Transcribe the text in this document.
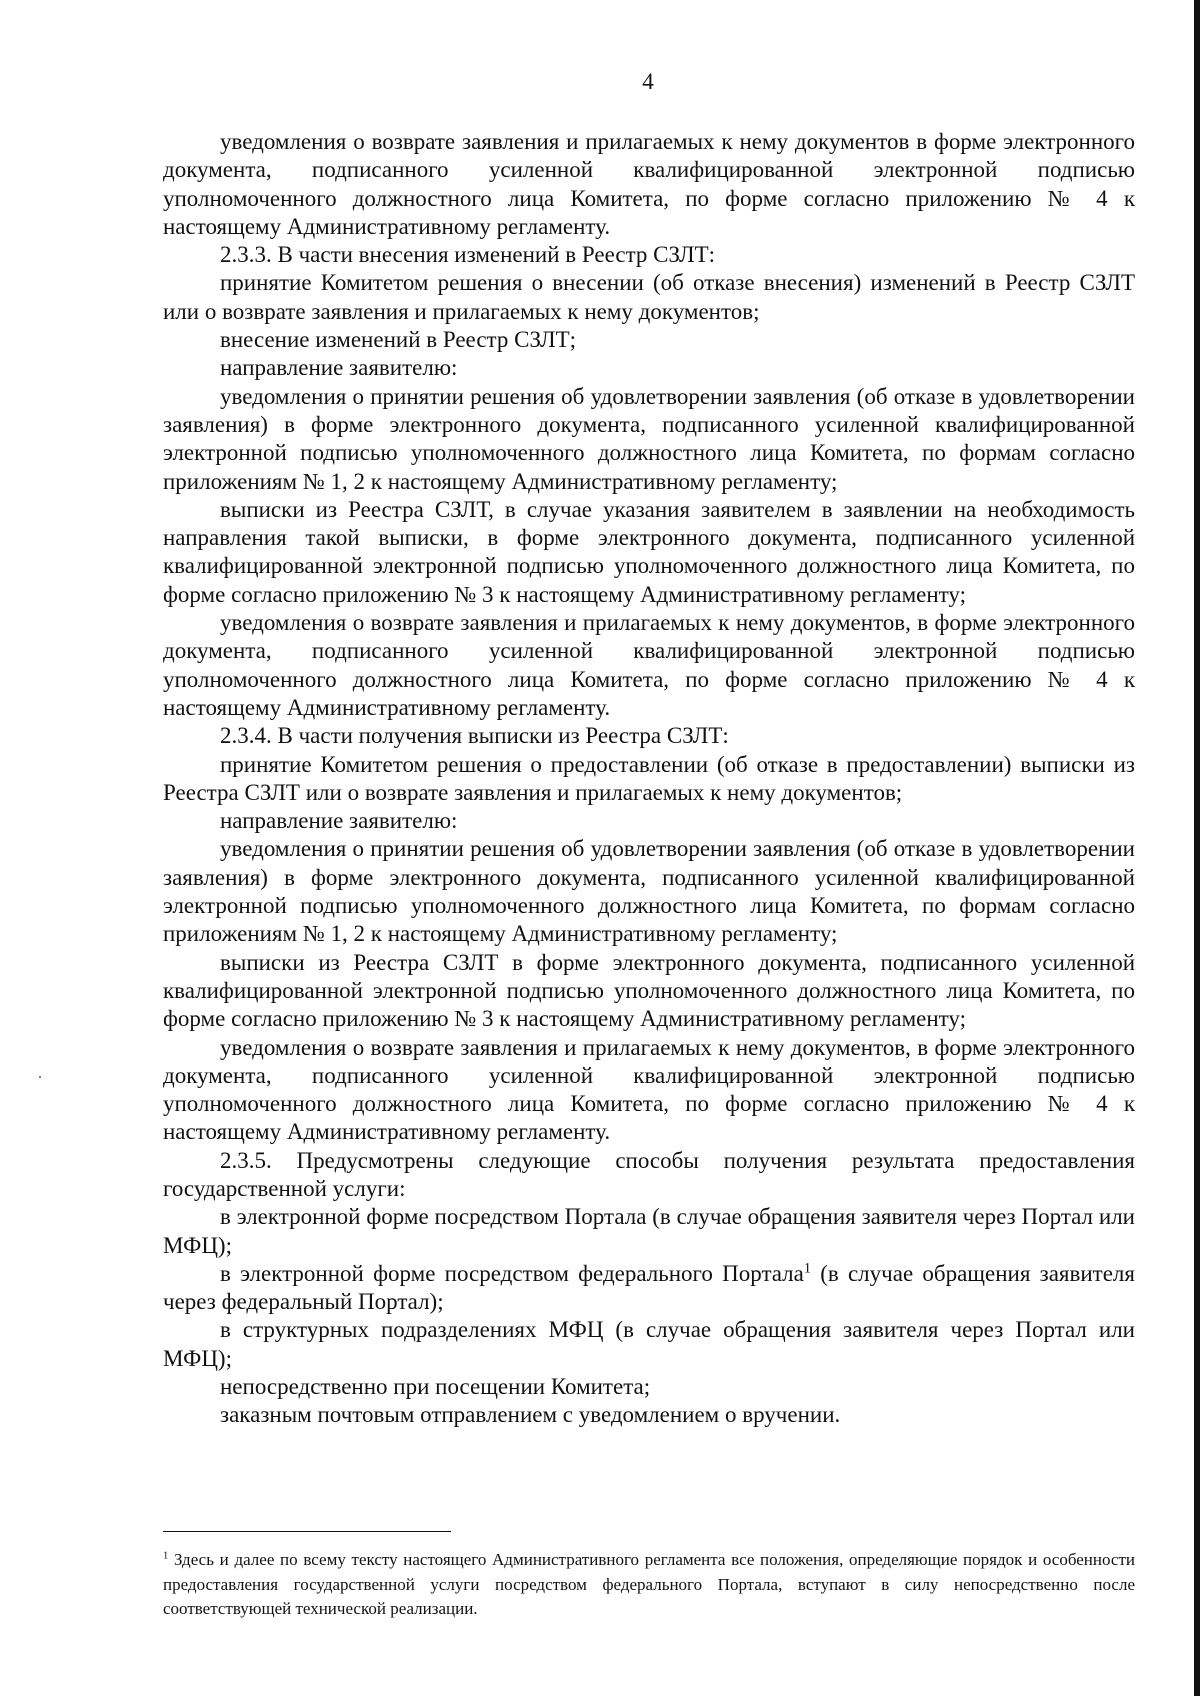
4

уведомления о возврате заявления и прилагаемых к нему документов в форме электронного документа, подписанного усиленной квалифицированной электронной подписью уполномоченного должностного лица Комитета, по форме согласно приложению № 4 к настоящему Административному регламенту.

2.3.3. В части внесения изменений в Реестр СЗЛТ:

принятие Комитетом решения о внесении (об отказе внесения) изменений в Реестр СЗЛТ или о возврате заявления и прилагаемых к нему документов;

внесение изменений в Реестр СЗЛТ;

направление заявителю:

уведомления о принятии решения об удовлетворении заявления (об отказе в удовлетворении заявления) в форме электронного документа, подписанного усиленной квалифицированной электронной подписью уполномоченного должностного лица Комитета, по формам согласно приложениям № 1, 2 к настоящему Административному регламенту;

выписки из Реестра СЗЛТ, в случае указания заявителем в заявлении на необходимость направления такой выписки, в форме электронного документа, подписанного усиленной квалифицированной электронной подписью уполномоченного должностного лица Комитета, по форме согласно приложению № 3 к настоящему Административному регламенту;

уведомления о возврате заявления и прилагаемых к нему документов, в форме электронного документа, подписанного усиленной квалифицированной электронной подписью уполномоченного должностного лица Комитета, по форме согласно приложению № 4 к настоящему Административному регламенту.

2.3.4. В части получения выписки из Реестра СЗЛТ:

принятие Комитетом решения о предоставлении (об отказе в предоставлении) выписки из Реестра СЗЛТ или о возврате заявления и прилагаемых к нему документов;

направление заявителю:

уведомления о принятии решения об удовлетворении заявления (об отказе в удовлетворении заявления) в форме электронного документа, подписанного усиленной квалифицированной электронной подписью уполномоченного должностного лица Комитета, по формам согласно приложениям № 1, 2 к настоящему Административному регламенту;

выписки из Реестра СЗЛТ в форме электронного документа, подписанного усиленной квалифицированной электронной подписью уполномоченного должностного лица Комитета, по форме согласно приложению № 3 к настоящему Административному регламенту;

уведомления о возврате заявления и прилагаемых к нему документов, в форме электронного документа, подписанного усиленной квалифицированной электронной подписью уполномоченного должностного лица Комитета, по форме согласно приложению № 4 к настоящему Административному регламенту.

2.3.5. Предусмотрены следующие способы получения результата предоставления государственной услуги:

в электронной форме посредством Портала (в случае обращения заявителя через Портал или МФЦ);

в электронной форме посредством федерального Портала$^1$ (в случае обращения заявителя через федеральный Портал);

в структурных подразделениях МФЦ (в случае обращения заявителя через Портал или МФЦ);

непосредственно при посещении Комитета;

заказным почтовым отправлением с уведомлением о вручении.

$^1$ Здесь и далее по всему тексту настоящего Административного регламента все положения, определяющие порядок и особенности предоставления государственной услуги посредством федерального Портала, вступают в силу непосредственно после соответствующей технической реализации.
